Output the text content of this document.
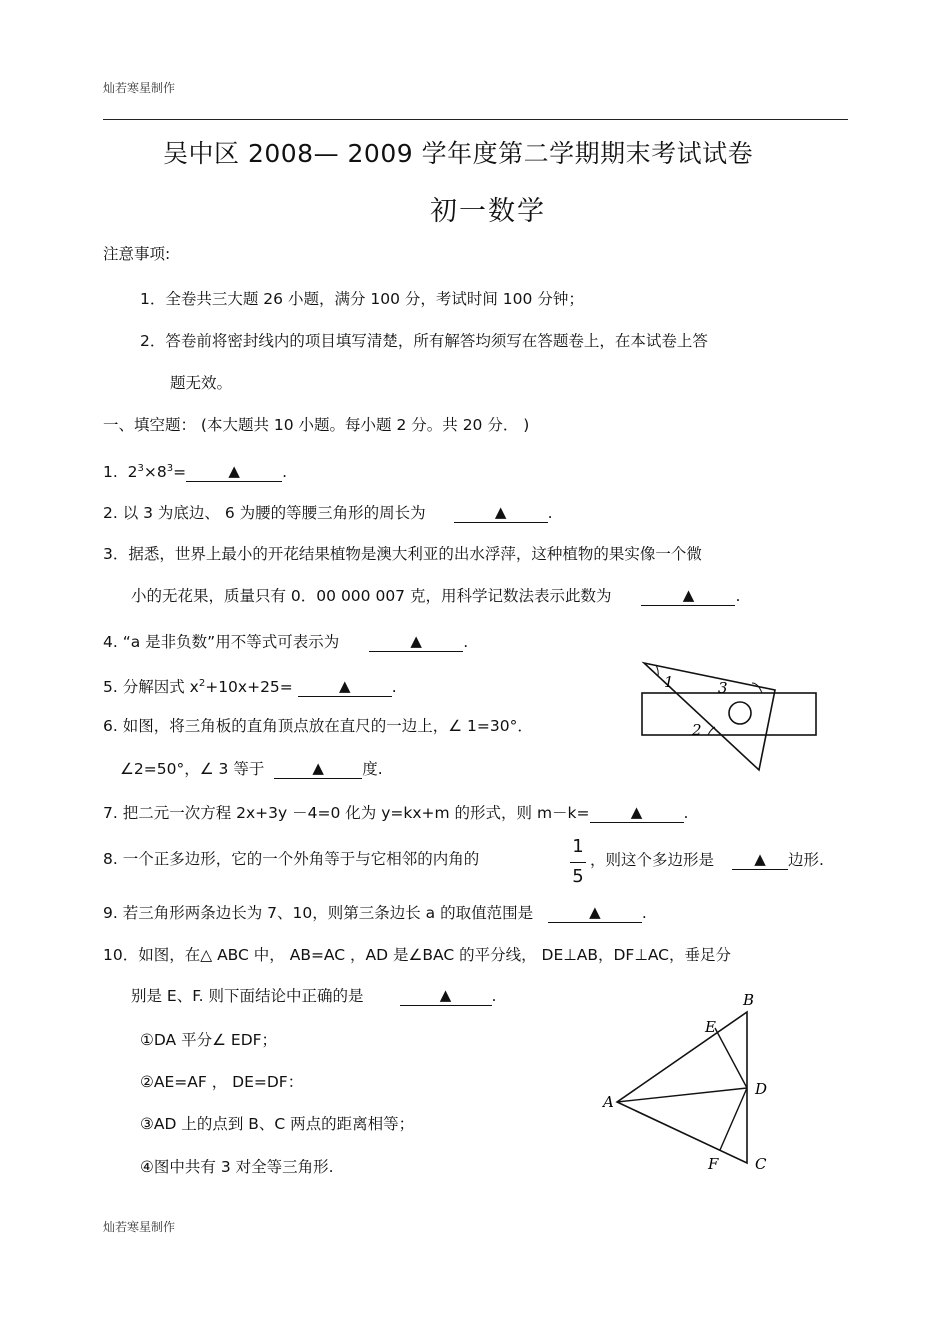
灿若寒星制作
吴中区 2008— 2009 学年度第二学期期末考试试卷
初一数学
注意事项:
1．全卷共三大题 26 小题，满分 100 分，考试时间 100 分钟；
2．答卷前将密封线内的项目填写清楚，所有解答均须写在答题卷上，在本试卷上答
题无效。
一、填空题： (本大题共 10 小题。每小题 2 分。共 20 分． )
1. $2^3\times 8^3=$	▲	.
2. 以 3 为底边、 6 为腰的等腰三角形的周长为	▲	.
3．据悉，世界上最小的开花结果植物是澳大利亚的出水浮萍，这种植物的果实像一个微
小的无花果，质量只有 0．00 000 007 克，用科学记数法表示此数为	▲	.
4. “a 是非负数”用不等式可表示为	▲	.
5. 分解因式 $x^2+10x+25=$	▲	.
6. 如图，将三角板的直角顶点放在直尺的一边上，∠ 1=30°．
∠2=50°，∠ 3 等于	▲ 度.
1
2
3
7. 把二元一次方程 2x+3y －4=0 化为 y=kx+m 的形式，则 m－k=	▲	.
8. 一个正多边形，它的一个外角等于与它相邻的内角的
1
5
，则这个多边形是	▲ 边形.
9. 若三角形两条边长为 7、10，则第三条边长 a 的取值范围是	▲	.
10．如图，在△ ABC 中， AB=AC ，AD 是∠BAC 的平分线， DE⊥AB，DF⊥AC，垂足分
别是 E、F. 则下面结论中正确的是	▲	.
①DA 平分∠ EDF；
②AE=AF ， DE=DF：
③AD 上的点到 B、C 两点的距离相等；
④图中共有 3 对全等三角形.
A
B
C
D
E
F
灿若寒星制作
